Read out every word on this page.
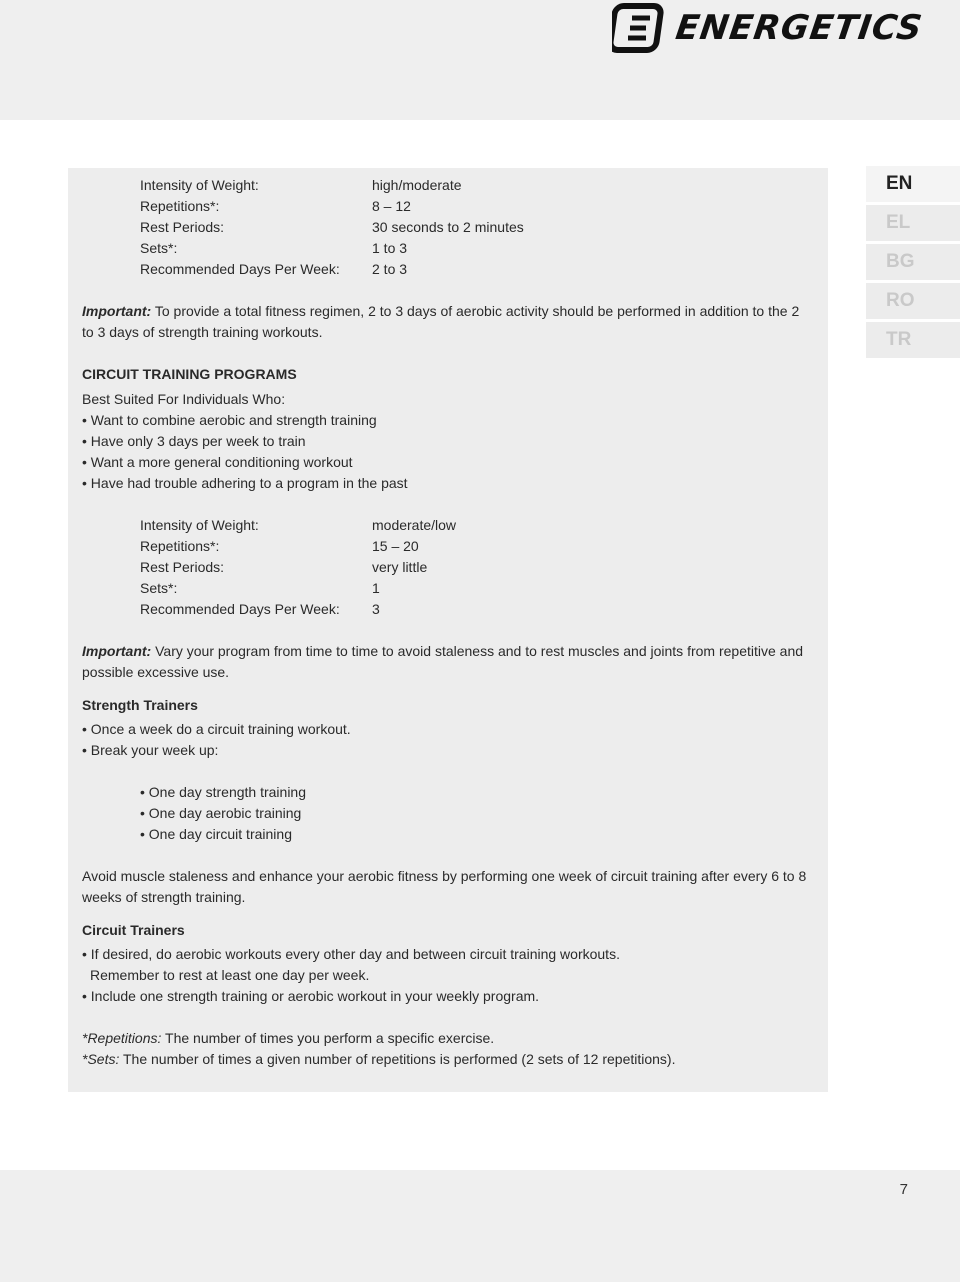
ENERGETICS
EN
EL
BG
RO
TR
Intensity of Weight:	high/moderate
Repetitions*:	8 – 12
Rest Periods:	30 seconds to 2 minutes
Sets*:	1 to 3
Recommended Days Per Week:	2 to 3

Important: To provide a total fitness regimen, 2 to 3 days of aerobic activity should be performed in addition to the 2 to 3 days of strength training workouts.

CIRCUIT TRAINING PROGRAMS

Best Suited For Individuals Who:

• Want to combine aerobic and strength training

• Have only 3 days per week to train

• Want a more general conditioning workout

• Have had trouble adhering to a program in the past

Intensity of Weight:	moderate/low
Repetitions*:	15 – 20
Rest Periods:	very little
Sets*:	1
Recommended Days Per Week:	3

Important: Vary your program from time to time to avoid staleness and to rest muscles and joints from repetitive and possible excessive use.

Strength Trainers

• Once a week do a circuit training workout.

• Break your week up:

• One day strength training

• One day aerobic training

• One day circuit training

Avoid muscle staleness and enhance your aerobic fitness by performing one week of circuit training after every 6 to 8 weeks of strength training.

Circuit Trainers

• If desired, do aerobic workouts every other day and between circuit training workouts.

Remember to rest at least one day per week.

• Include one strength training or aerobic workout in your weekly program.

*Repetitions: The number of times you perform a specific exercise.

*Sets: The number of times a given number of repetitions is performed (2 sets of 12 repetitions).

7
